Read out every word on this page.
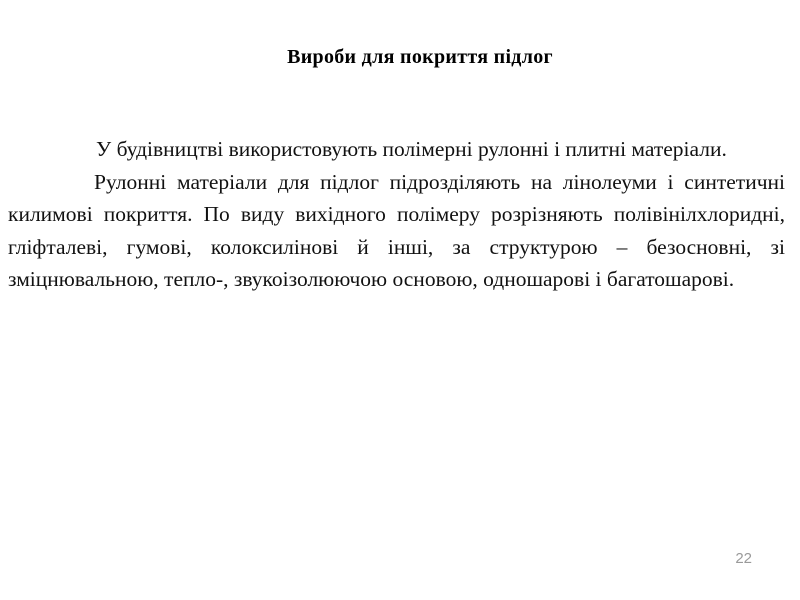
Вироби для покриття підлог

У будівництві використовують полімерні рулонні і плитні матеріали.

Рулонні матеріали для підлог підрозділяють на лінолеуми і синтетичні килимові покриття. По виду вихідного полімеру розрізняють полівінілхлоридні, гліфталеві, гумові, колоксилінові й інші, за структурою – безосновні, зі зміцнювальною, тепло-, звукоізолюючою основою, одношарові і багатошарові.

22
